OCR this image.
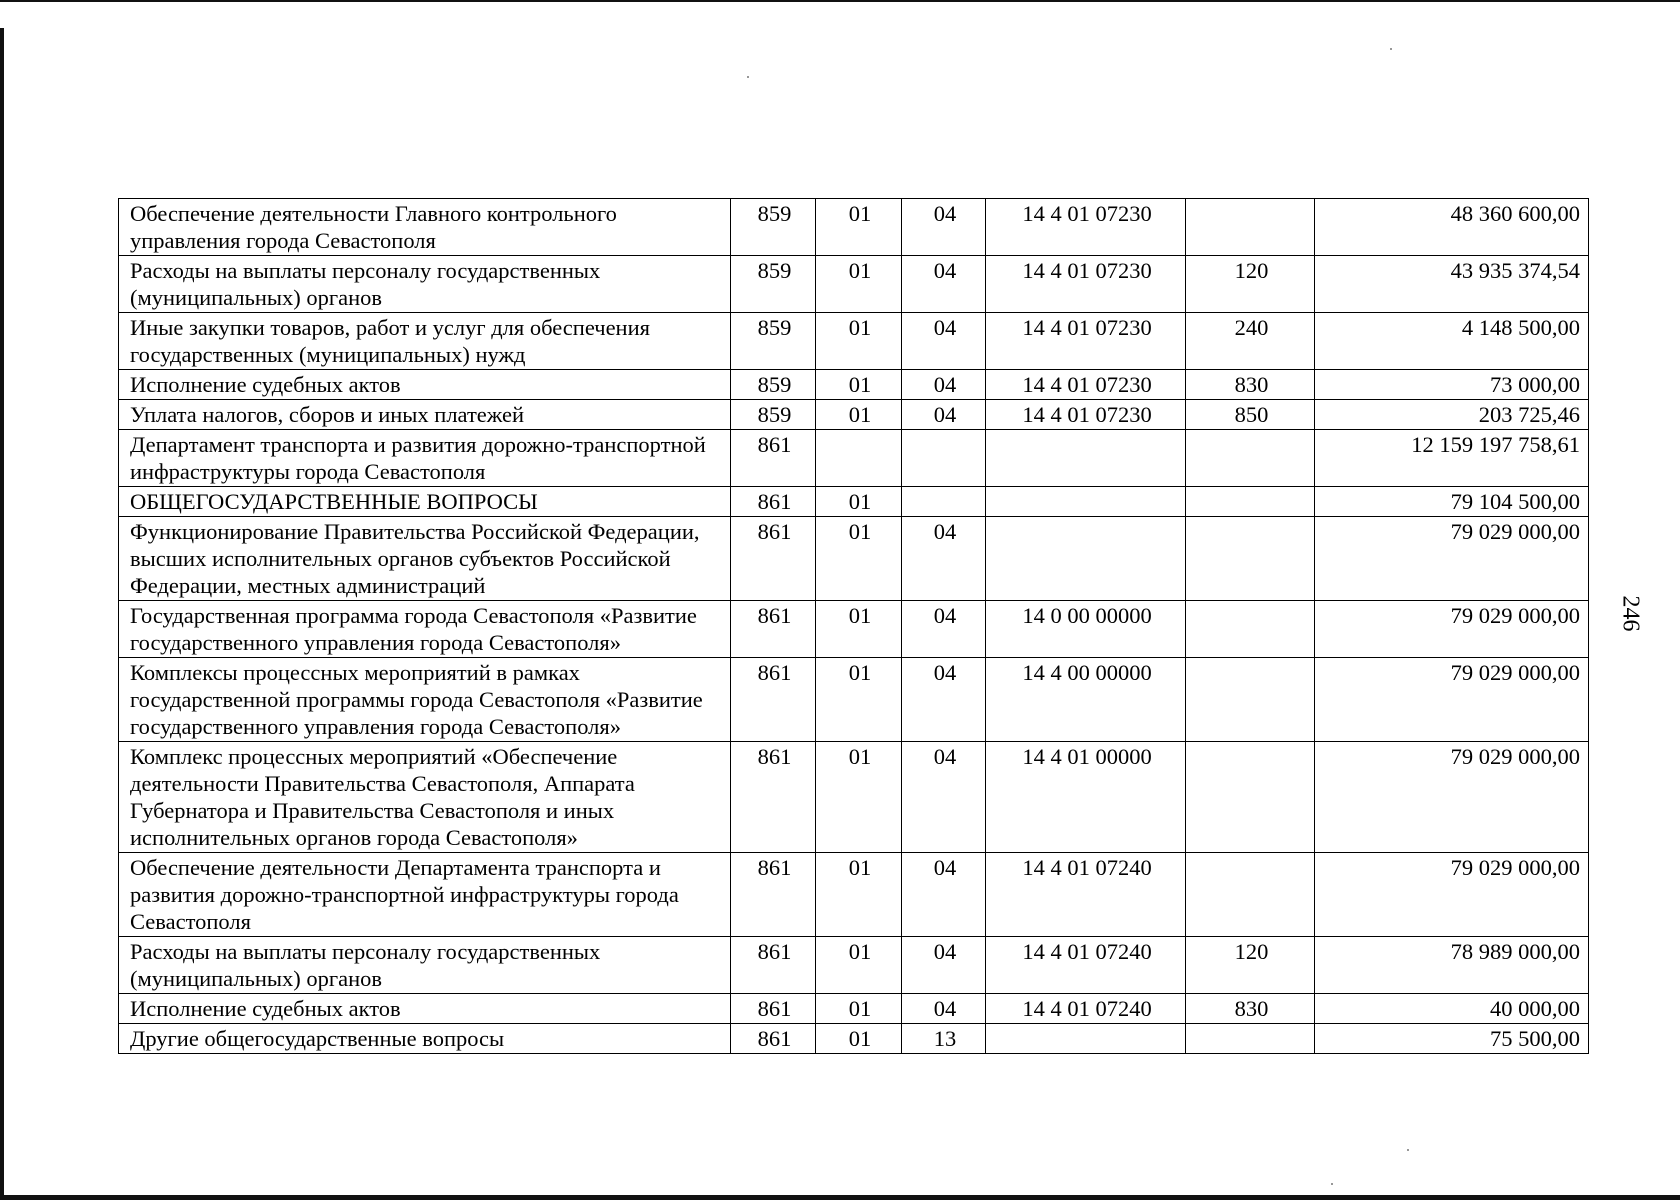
Обеспечение деятельности Главного контрольного управления города Севастополя	859	01	04	14 4 01 07230		48 360 600,00
Расходы на выплаты персоналу государственных (муниципальных) органов	859	01	04	14 4 01 07230	120	43 935 374,54
Иные закупки товаров, работ и услуг для обеспечения государственных (муниципальных) нужд	859	01	04	14 4 01 07230	240	4 148 500,00
Исполнение судебных актов	859	01	04	14 4 01 07230	830	73 000,00
Уплата налогов, сборов и иных платежей	859	01	04	14 4 01 07230	850	203 725,46
Департамент транспорта и развития дорожно-транспортной инфраструктуры города Севастополя	861					12 159 197 758,61
ОБЩЕГОСУДАРСТВЕННЫЕ ВОПРОСЫ	861	01				79 104 500,00
Функционирование Правительства Российской Федерации, высших исполнительных органов субъектов Российской Федерации, местных администраций	861	01	04			79 029 000,00
Государственная программа города Севастополя «Развитие государственного управления города Севастополя»	861	01	04	14 0 00 00000		79 029 000,00
Комплексы процессных мероприятий в рамках государственной программы города Севастополя «Развитие государственного управления города Севастополя»	861	01	04	14 4 00 00000		79 029 000,00
Комплекс процессных мероприятий «Обеспечение деятельности Правительства Севастополя, Аппарата Губернатора и Правительства Севастополя и иных исполнительных органов города Севастополя»	861	01	04	14 4 01 00000		79 029 000,00
Обеспечение деятельности Департамента транспорта и развития дорожно-транспортной инфраструктуры города Севастополя	861	01	04	14 4 01 07240		79 029 000,00
Расходы на выплаты персоналу государственных (муниципальных) органов	861	01	04	14 4 01 07240	120	78 989 000,00
Исполнение судебных актов	861	01	04	14 4 01 07240	830	40 000,00
Другие общегосударственные вопросы	861	01	13			75 500,00
246
